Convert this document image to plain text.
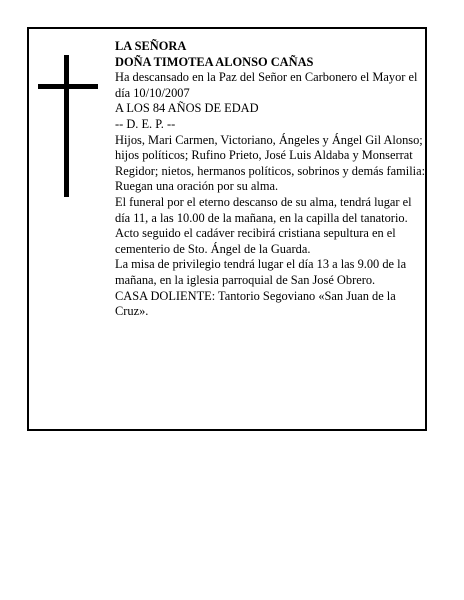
LA SEÑORA

DOÑA TIMOTEA ALONSO CAÑAS

Ha descansado en la Paz del Señor en Carbonero el Mayor el día 10/10/2007

A LOS 84 AÑOS DE EDAD

-- D. E. P. --

Hijos, Mari Carmen, Victoriano, Ángeles y Ángel Gil Alonso; hijos políticos; Rufino Prieto, José Luis Aldaba y Monserrat Regidor; nietos, hermanos políticos, sobrinos y demás familia:

Ruegan una oración por su alma.

El funeral por el eterno descanso de su alma, tendrá lugar el día 11, a las 10.00 de la mañana, en la capilla del tanatorio. Acto seguido el cadáver recibirá cristiana sepultura en el cementerio de Sto. Ángel de la Guarda.

La misa de privilegio tendrá lugar el día 13 a las 9.00 de la mañana, en la iglesia parroquial de San José Obrero.

CASA DOLIENTE: Tantorio Segoviano «San Juan de la Cruz».
